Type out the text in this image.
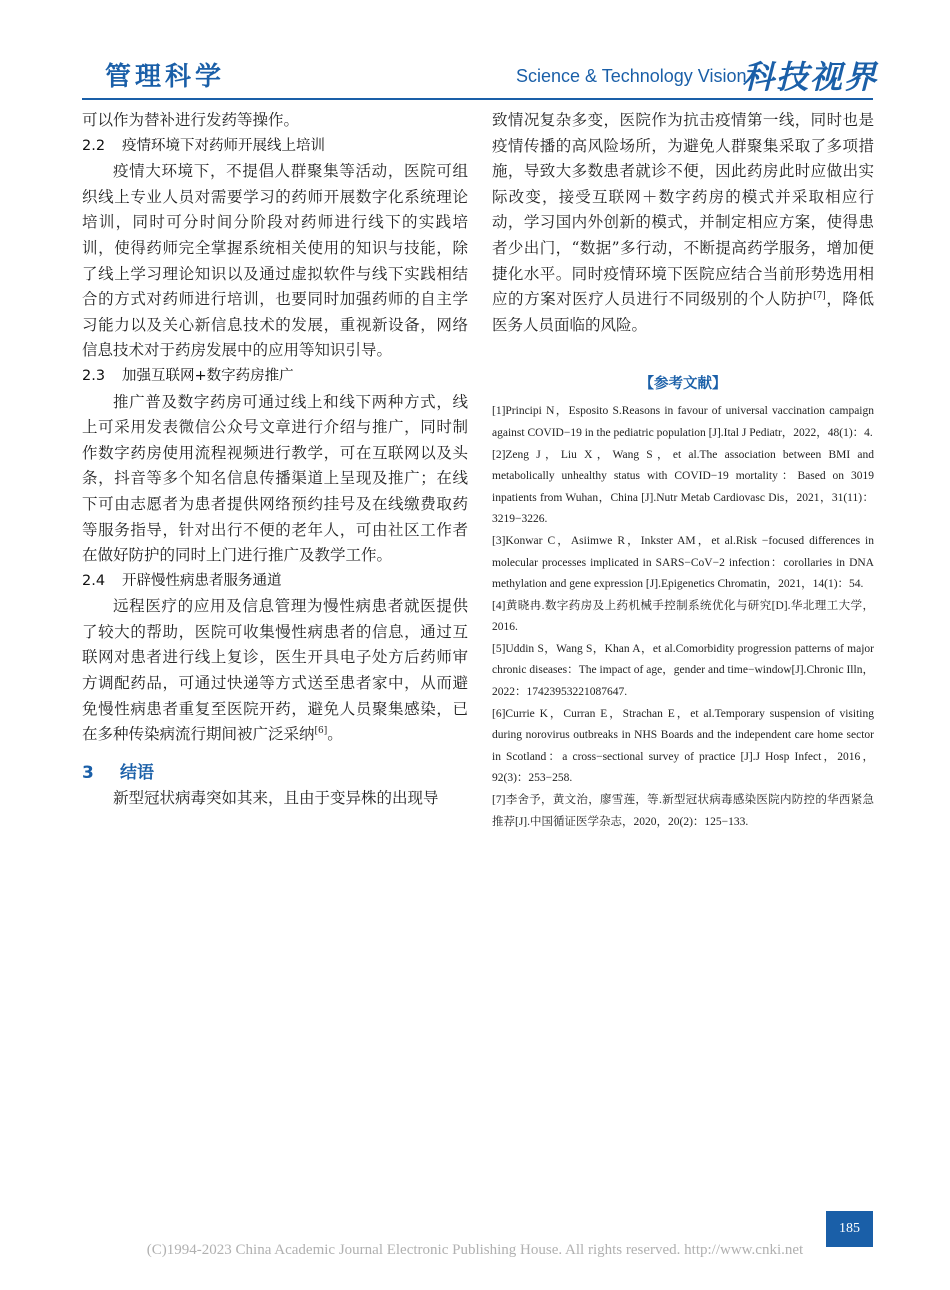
管理科学	Science & Technology Vision
科技视界

可以作为替补进行发药等操作。

2.2 疫情环境下对药师开展线上培训

疫情大环境下，不提倡人群聚集等活动，医院可组织线上专业人员对需要学习的药师开展数字化系统理论培训，同时可分时间分阶段对药师进行线下的实践培训，使得药师完全掌握系统相关使用的知识与技能，除了线上学习理论知识以及通过虚拟软件与线下实践相结合的方式对药师进行培训，也要同时加强药师的自主学习能力以及关心新信息技术的发展，重视新设备，网络信息技术对于药房发展中的应用等知识引导。

2.3 加强互联网+数字药房推广

推广普及数字药房可通过线上和线下两种方式，线上可采用发表微信公众号文章进行介绍与推广，同时制作数字药房使用流程视频进行教学，可在互联网以及头条，抖音等多个知名信息传播渠道上呈现及推广；在线下可由志愿者为患者提供网络预约挂号及在线缴费取药等服务指导，针对出行不便的老年人，可由社区工作者在做好防护的同时上门进行推广及教学工作。

2.4 开辟慢性病患者服务通道

远程医疗的应用及信息管理为慢性病患者就医提供了较大的帮助，医院可收集慢性病患者的信息，通过互联网对患者进行线上复诊，医生开具电子处方后药师审方调配药品，可通过快递等方式送至患者家中，从而避免慢性病患者重复至医院开药，避免人员聚集感染，已在多种传染病流行期间被广泛采纳[6]。

3 结语

新型冠状病毒突如其来，且由于变异株的出现导

致情况复杂多变，医院作为抗击疫情第一线，同时也是疫情传播的高风险场所，为避免人群聚集采取了多项措施，导致大多数患者就诊不便，因此药房此时应做出实际改变，接受互联网＋数字药房的模式并采取相应行动，学习国内外创新的模式，并制定相应方案，使得患者少出门，“数据”多行动，不断提高药学服务，增加便捷化水平。同时疫情环境下医院应结合当前形势选用相应的方案对医疗人员进行不同级别的个人防护[7]，降低医务人员面临的风险。

【参考文献】

[1]Principi N，Esposito S.Reasons in favour of universal vaccination campaign against COVID−19 in the pediatric population [J].Ital J Pediatr，2022，48(1)：4.

[2]Zeng J，Liu X，Wang S，et al.The association between BMI and metabolically unhealthy status with COVID−19 mortality：Based on 3019 inpatients from Wuhan，China [J].Nutr Metab Cardiovasc Dis，2021，31(11)：3219−3226.

[3]Konwar C，Asiimwe R，Inkster AM，et al.Risk −focused differences in molecular processes implicated in SARS−CoV−2 infection：corollaries in DNA methylation and gene expression [J].Epigenetics Chromatin，2021，14(1)：54.

[4]黄晓冉.数字药房及上药机械手控制系统优化与研究[D].华北理工大学，2016.

[5]Uddin S，Wang S，Khan A，et al.Comorbidity progression patterns of major chronic diseases：The impact of age，gender and time−window[J].Chronic Illn，2022：17423953221087647.

[6]Currie K，Curran E，Strachan E，et al.Temporary suspension of visiting during norovirus outbreaks in NHS Boards and the independent care home sector in Scotland：a cross−sectional survey of practice [J].J Hosp Infect，2016，92(3)：253−258.

[7]李舍予，黄文治，廖雪莲，等.新型冠状病毒感染医院内防控的华西紧急推荐[J].中国循证医学杂志，2020，20(2)：125−133.

185
(C)1994-2023 China Academic Journal Electronic Publishing House. All rights reserved. http://www.cnki.net
